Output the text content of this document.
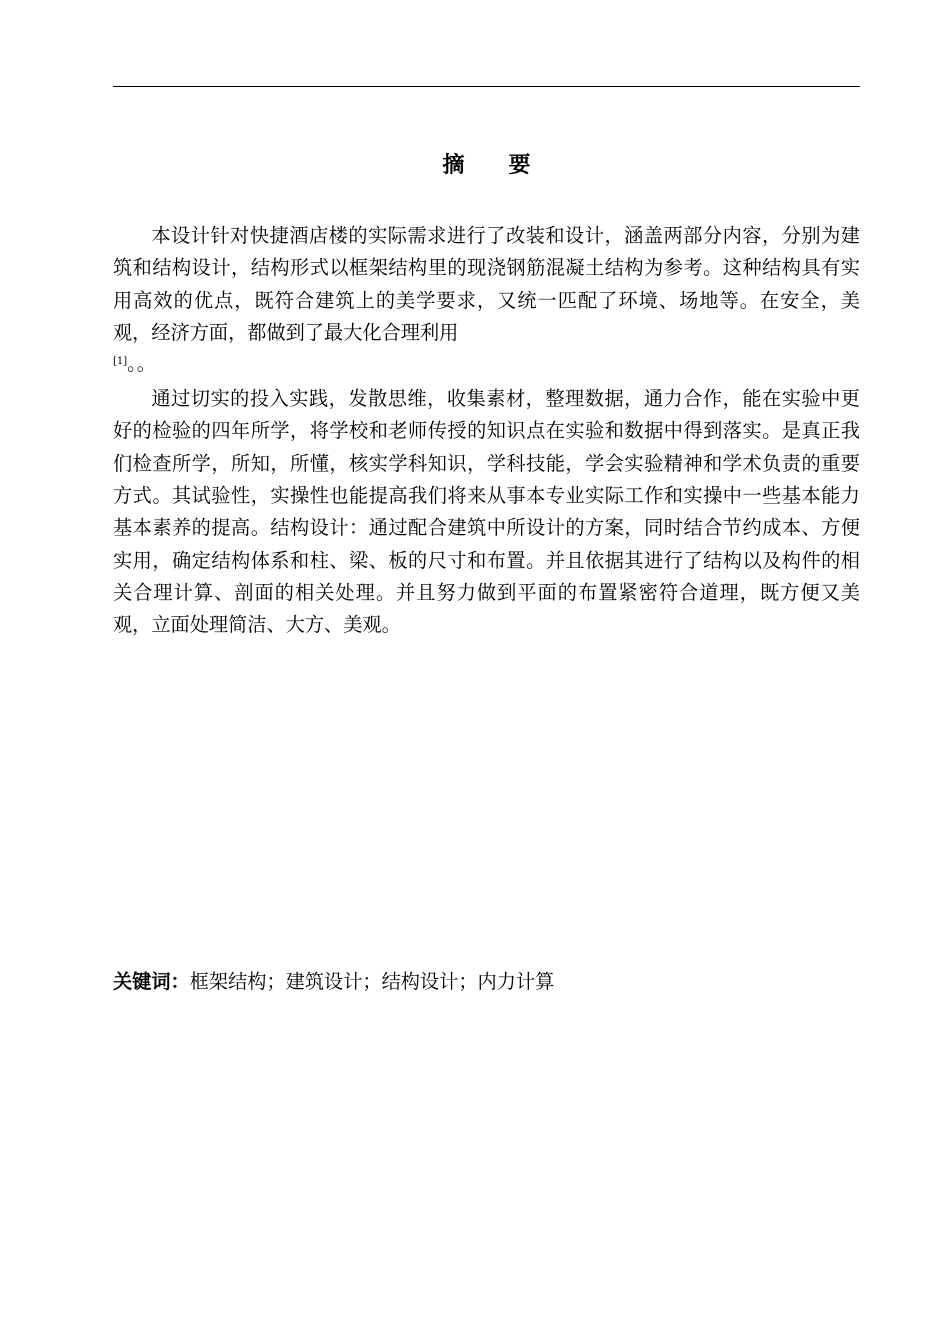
摘 要

本设计针对快捷酒店楼的实际需求进行了改装和设计，涵盖两部分内容，分别为建筑和结构设计，结构形式以框架结构里的现浇钢筋混凝土结构为参考。这种结构具有实用高效的优点，既符合建筑上的美学要求，又统一匹配了环境、场地等。在安全，美观，经济方面，都做到了最大化合理利用

[1]。。

通过切实的投入实践，发散思维，收集素材，整理数据，通力合作，能在实验中更好的检验的四年所学，将学校和老师传授的知识点在实验和数据中得到落实。是真正我们检查所学，所知，所懂，核实学科知识，学科技能，学会实验精神和学术负责的重要方式。其试验性，实操性也能提高我们将来从事本专业实际工作和实操中一些基本能力基本素养的提高。结构设计：通过配合建筑中所设计的方案，同时结合节约成本、方便实用，确定结构体系和柱、梁、板的尺寸和布置。并且依据其进行了结构以及构件的相关合理计算、剖面的相关处理。并且努力做到平面的布置紧密符合道理，既方便又美观，立面处理简洁、大方、美观。

关键词：框架结构；建筑设计；结构设计；内力计算
